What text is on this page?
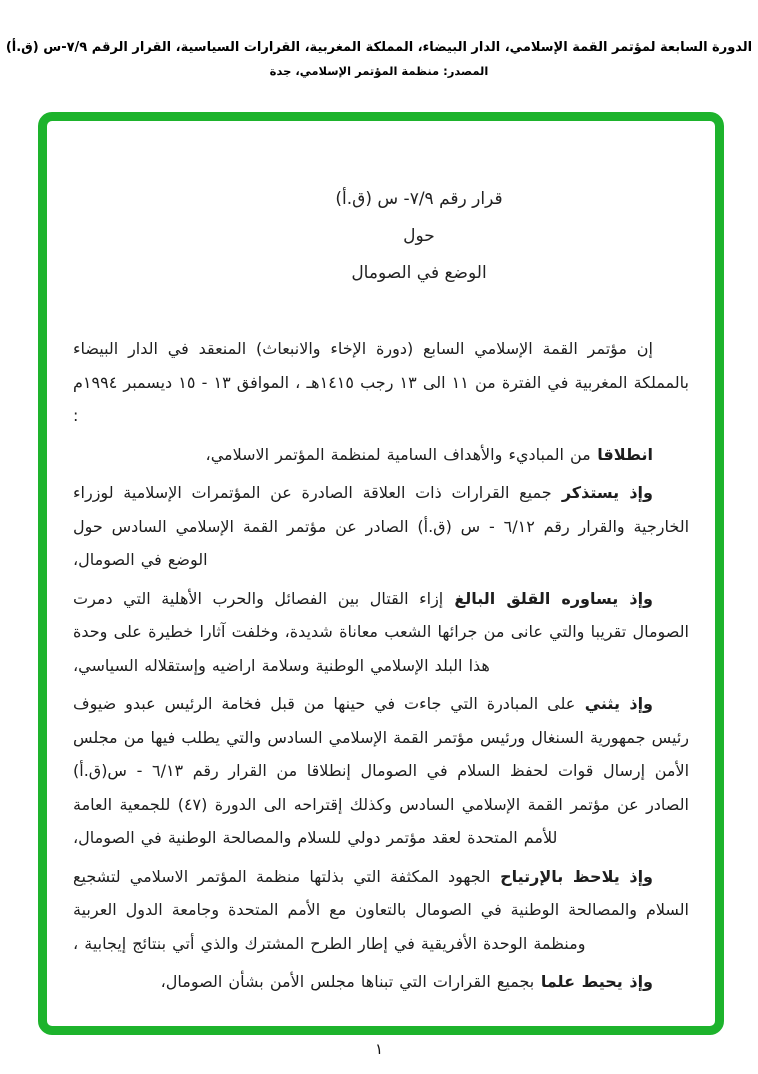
الدورة السابعة لمؤتمر القمة الإسلامي، الدار البيضاء، المملكة المغربية، القرارات السياسية، القرار الرقم ٧/٩-س (ق.أ)
المصدر: منظمة المؤتمر الإسلامي، جدة
قرار رقم ٧/٩- س (ق.أ)
حول
الوضع في الصومال

إن مؤتمر القمة الإسلامي السابع (دورة الإخاء والانبعاث) المنعقد في الدار البيضاء بالمملكة المغربية في الفترة من ١١ الى ١٣ رجب ١٤١٥هـ ، الموافق ١٣ - ١٥ ديسمبر ١٩٩٤م :

انطلاقا من المباديء والأهداف السامية لمنظمة المؤتمر الاسلامي،

وإذ يستذكر جميع القرارات ذات العلاقة الصادرة عن المؤتمرات الإسلامية لوزراء الخارجية والقرار رقم ٦/١٢ - س (ق.أ) الصادر عن مؤتمر القمة الإسلامي السادس حول الوضع في الصومال،

وإذ يساوره القلق البالغ إزاء القتال بين الفصائل والحرب الأهلية التي دمرت الصومال تقريبا والتي عانى من جرائها الشعب معاناة شديدة، وخلفت آثارا خطيرة على وحدة هذا البلد الإسلامي الوطنية وسلامة اراضيه وإستقلاله السياسي،

وإذ يثني على المبادرة التي جاءت في حينها من قبل فخامة الرئيس عبدو ضيوف رئيس جمهورية السنغال ورئيس مؤتمر القمة الإسلامي السادس والتي يطلب فيها من مجلس الأمن إرسال قوات لحفظ السلام في الصومال إنطلاقا من القرار رقم ٦/١٣ - س(ق.أ) الصادر عن مؤتمر القمة الإسلامي السادس وكذلك إقتراحه الى الدورة (٤٧) للجمعية العامة للأمم المتحدة لعقد مؤتمر دولي للسلام والمصالحة الوطنية في الصومال،

وإذ يلاحظ بالإرتياح الجهود المكثفة التي بذلتها منظمة المؤتمر الاسلامي لتشجيع السلام والمصالحة الوطنية في الصومال بالتعاون مع الأمم المتحدة وجامعة الدول العربية ومنظمة الوحدة الأفريقية في إطار الطرح المشترك والذي أتي بنتائج إيجابية ،

وإذ يحيط علما بجميع القرارات التي تبناها مجلس الأمن بشأن الصومال،

١
